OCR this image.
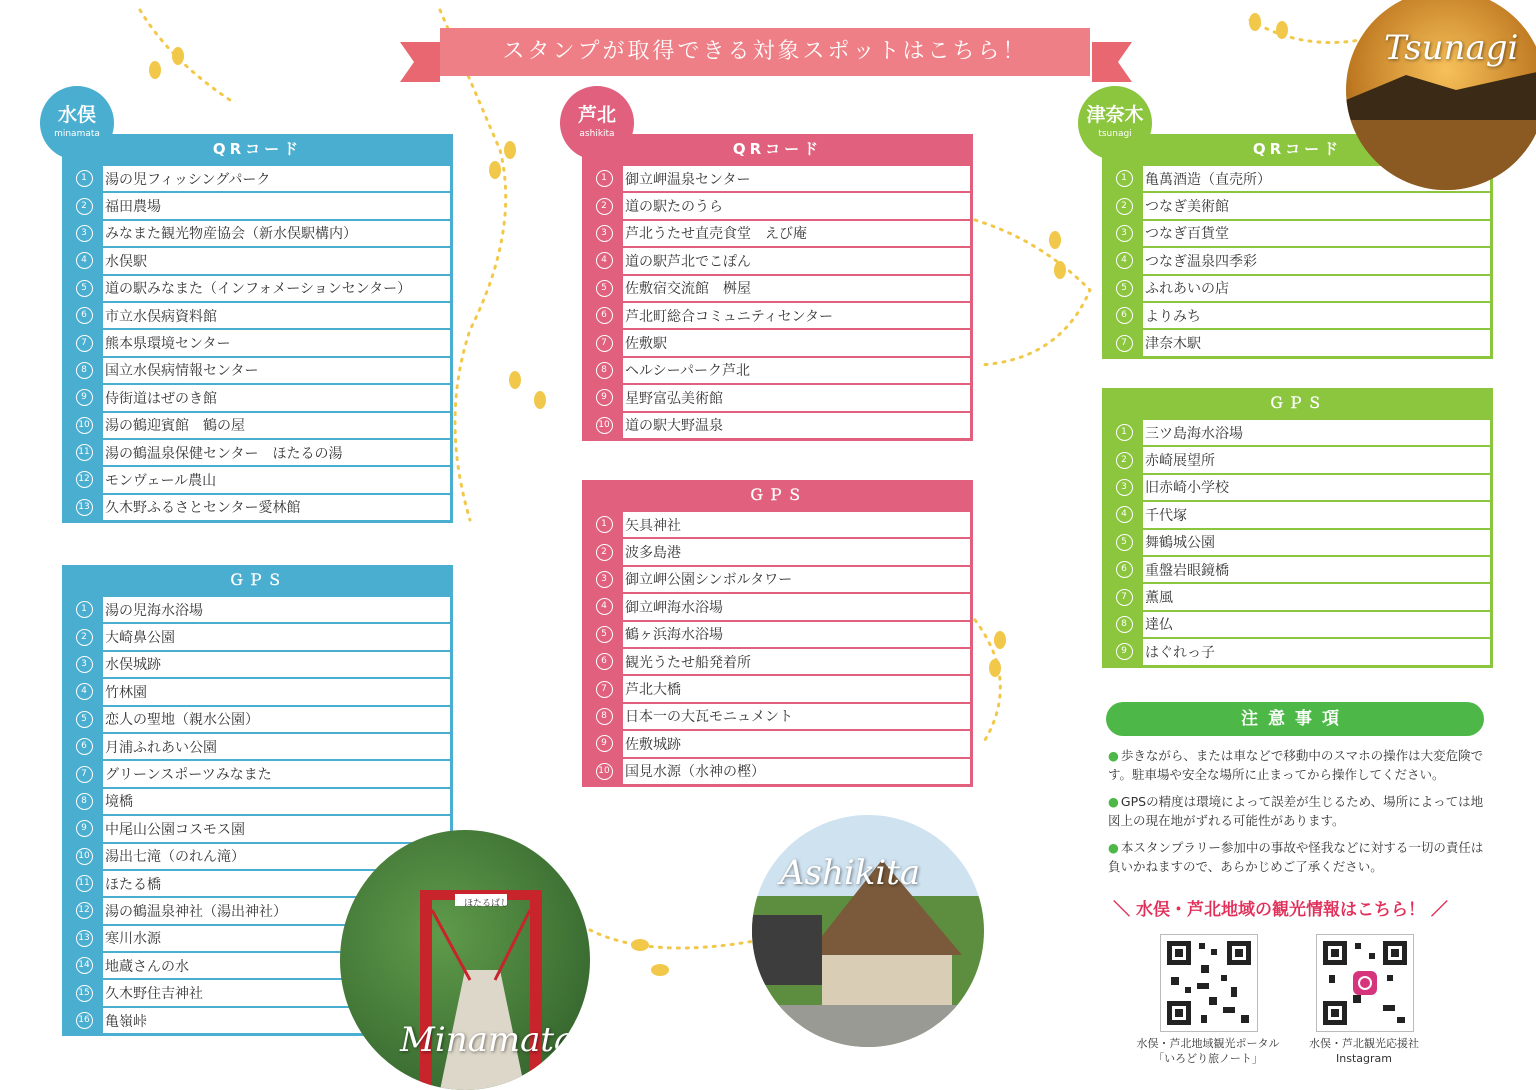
スタンプが取得できる対象スポットはこちら！
水俣
minamata
芦北
ashikita
津奈木
tsunagi
QRコード
1	湯の児フィッシングパーク
2	福田農場
3	みなまた観光物産協会（新水俣駅構内）
4	水俣駅
5	道の駅みなまた（インフォメーションセンター）
6	市立水俣病資料館
7	熊本県環境センター
8	国立水俣病情報センター
9	侍街道はぜのき館
10 湯の鶴迎賓館　鶴の屋
11 湯の鶴温泉保健センター　ほたるの湯
12 モンヴェール農山
13 久木野ふるさとセンター愛林館
ＧＰＳ
1	湯の児海水浴場
2	大崎鼻公園
3	水俣城跡
4	竹林園
5	恋人の聖地（親水公園）
6	月浦ふれあい公園
7	グリーンスポーツみなまた
8	境橋
9	中尾山公園コスモス園
10 湯出七滝（のれん滝）
11 ほたる橋
12 湯の鶴温泉神社（湯出神社）
13 寒川水源
14 地蔵さんの水
15 久木野住吉神社
16 亀嶺峠
QRコード
1	御立岬温泉センター
2	道の駅たのうら
3	芦北うたせ直売食堂　えび庵
4	道の駅芦北でこぽん
5	佐敷宿交流館　桝屋
6	芦北町総合コミュニティセンター
7	佐敷駅
8	ヘルシーパーク芦北
9	星野富弘美術館
10 道の駅大野温泉
ＧＰＳ
1	矢具神社
2	波多島港
3	御立岬公園シンボルタワー
4	御立岬海水浴場
5	鶴ヶ浜海水浴場
6	観光うたせ船発着所
7	芦北大橋
8	日本一の大瓦モニュメント
9	佐敷城跡
10 国見水源（水神の樫）
QRコード
1	亀萬酒造（直売所）
2	つなぎ美術館
3	つなぎ百貨堂
4	つなぎ温泉四季彩
5	ふれあいの店
6	よりみち
7	津奈木駅
ＧＰＳ
1	三ツ島海水浴場
2	赤崎展望所
3	旧赤崎小学校
4	千代塚
5	舞鶴城公園
6	重盤岩眼鏡橋
7	薫風
8	達仏
9	はぐれっ子
ほたるばし
Minamata
Ashikita
Tsunagi
注意事項
● 歩きながら、または車などで移動中のスマホの操作は大変危険です。駐車場や安全な場所に止まってから操作してください。
● GPSの精度は環境によって誤差が生じるため、場所によっては地図上の現在地がずれる可能性があります。
● 本スタンプラリー参加中の事故や怪我などに対する一切の責任は負いかねますので、あらかじめご了承ください。
＼ 水俣・芦北地域の観光情報はこちら！ ／
水俣・芦北地域観光ポータル
「いろどり旅ノート」
水俣・芦北観光応援社
Instagram
